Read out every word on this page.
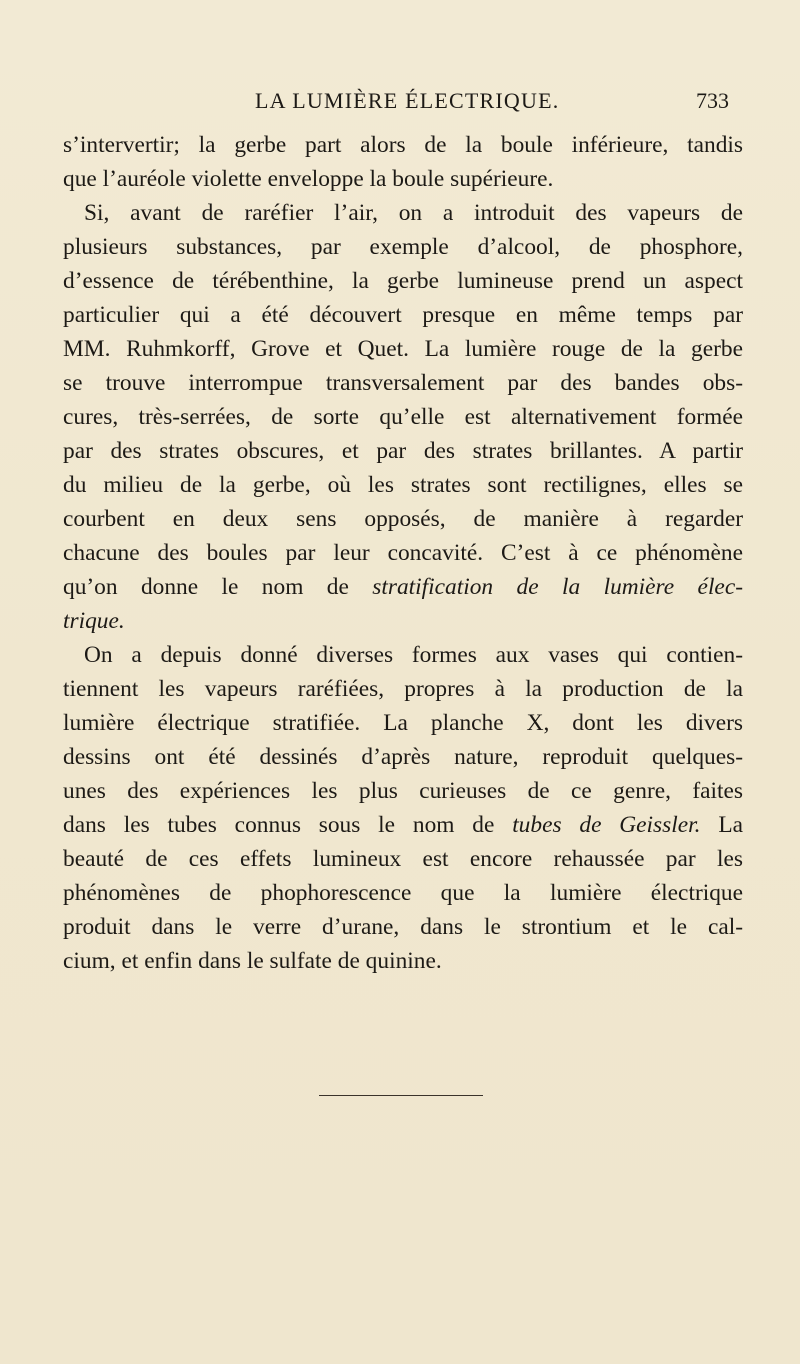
LA LUMIÈRE ÉLECTRIQUE.	733
s’intervertir; la gerbe part alors de la boule inférieure, tandis
que l’auréole violette enveloppe la boule supérieure.
Si, avant de raréfier l’air, on a introduit des vapeurs de
plusieurs substances, par exemple d’alcool, de phosphore,
d’essence de térébenthine, la gerbe lumineuse prend un aspect
particulier qui a été découvert presque en même temps par
MM. Ruhmkorff, Grove et Quet. La lumière rouge de la gerbe
se trouve interrompue transversalement par des bandes obs-
cures, très-serrées, de sorte qu’elle est alternativement formée
par des strates obscures, et par des strates brillantes. A partir
du milieu de la gerbe, où les strates sont rectilignes, elles se
courbent en deux sens opposés, de manière à regarder
chacune des boules par leur concavité. C’est à ce phénomène
qu’on donne le nom de stratification de la lumière élec-
trique.
On a depuis donné diverses formes aux vases qui contien-
tiennent les vapeurs raréfiées, propres à la production de la
lumière électrique stratifiée. La planche X, dont les divers
dessins ont été dessinés d’après nature, reproduit quelques-
unes des expériences les plus curieuses de ce genre, faites
dans les tubes connus sous le nom de tubes de Geissler. La
beauté de ces effets lumineux est encore rehaussée par les
phénomènes de phophorescence que la lumière électrique
produit dans le verre d’urane, dans le strontium et le cal-
cium, et enfin dans le sulfate de quinine.
